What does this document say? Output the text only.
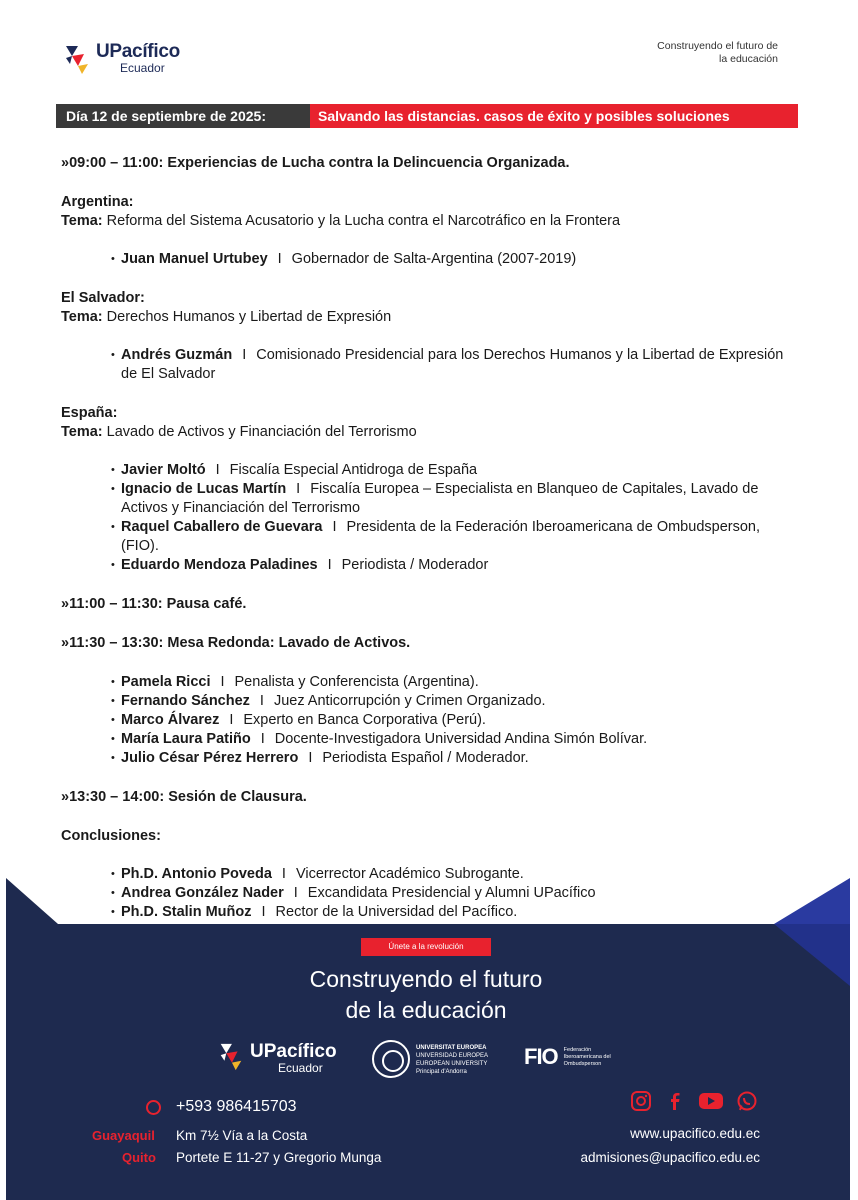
UPacífico
Ecuador
Construyendo el futuro de
la educación
Día 12 de septiembre de 2025:	Salvando las distancias. casos de éxito y posibles soluciones
»09:00 – 11:00: Experiencias de Lucha contra la Delincuencia Organizada.
Argentina:
Tema: Reforma del Sistema Acusatorio y la Lucha contra el Narcotráfico en la Frontera
• Juan Manuel Urtubey I Gobernador de Salta-Argentina (2007-2019)
El Salvador:
Tema: Derechos Humanos y Libertad de Expresión
• Andrés Guzmán I Comisionado Presidencial para los Derechos Humanos y la Libertad de Expresión de El Salvador
España:
Tema: Lavado de Activos y Financiación del Terrorismo
• Javier Moltó I Fiscalía Especial Antidroga de España
• Ignacio de Lucas Martín I Fiscalía Europea – Especialista en Blanqueo de Capitales, Lavado de Activos y Financiación del Terrorismo
• Raquel Caballero de Guevara I Presidenta de la Federación Iberoamericana de Ombudsperson, (FIO).
• Eduardo Mendoza Paladines I Periodista / Moderador
»11:00 – 11:30: Pausa café.
»11:30 – 13:30: Mesa Redonda: Lavado de Activos.
• Pamela Ricci I Penalista y Conferencista (Argentina).
• Fernando Sánchez I Juez Anticorrupción y Crimen Organizado.
• Marco Álvarez I Experto en Banca Corporativa (Perú).
• María Laura Patiño I Docente-Investigadora Universidad Andina Simón Bolívar.
• Julio César Pérez Herrero I Periodista Español / Moderador.
»13:30 – 14:00: Sesión de Clausura.
Conclusiones:
• Ph.D. Antonio Poveda I Vicerrector Académico Subrogante.
• Andrea González Nader I Excandidata Presidencial y Alumni UPacífico
• Ph.D. Stalin Muñoz I Rector de la Universidad del Pacífico.
Únete a la revolución
Construyendo el futuro
de la educación
UPacífico
Ecuador
UNIVERSITAT EUROPEA
UNIVERSIDAD EUROPEA
EUROPEAN UNIVERSITY
Principat d'Andorra
FIO Federación Iberoamericana del Ombudsperson
+593 986415703
Guayaquil
Quito
Km 7½ Vía a la Costa
Portete E 11-27 y Gregorio Munga
www.upacifico.edu.ec
admisiones@upacifico.edu.ec
